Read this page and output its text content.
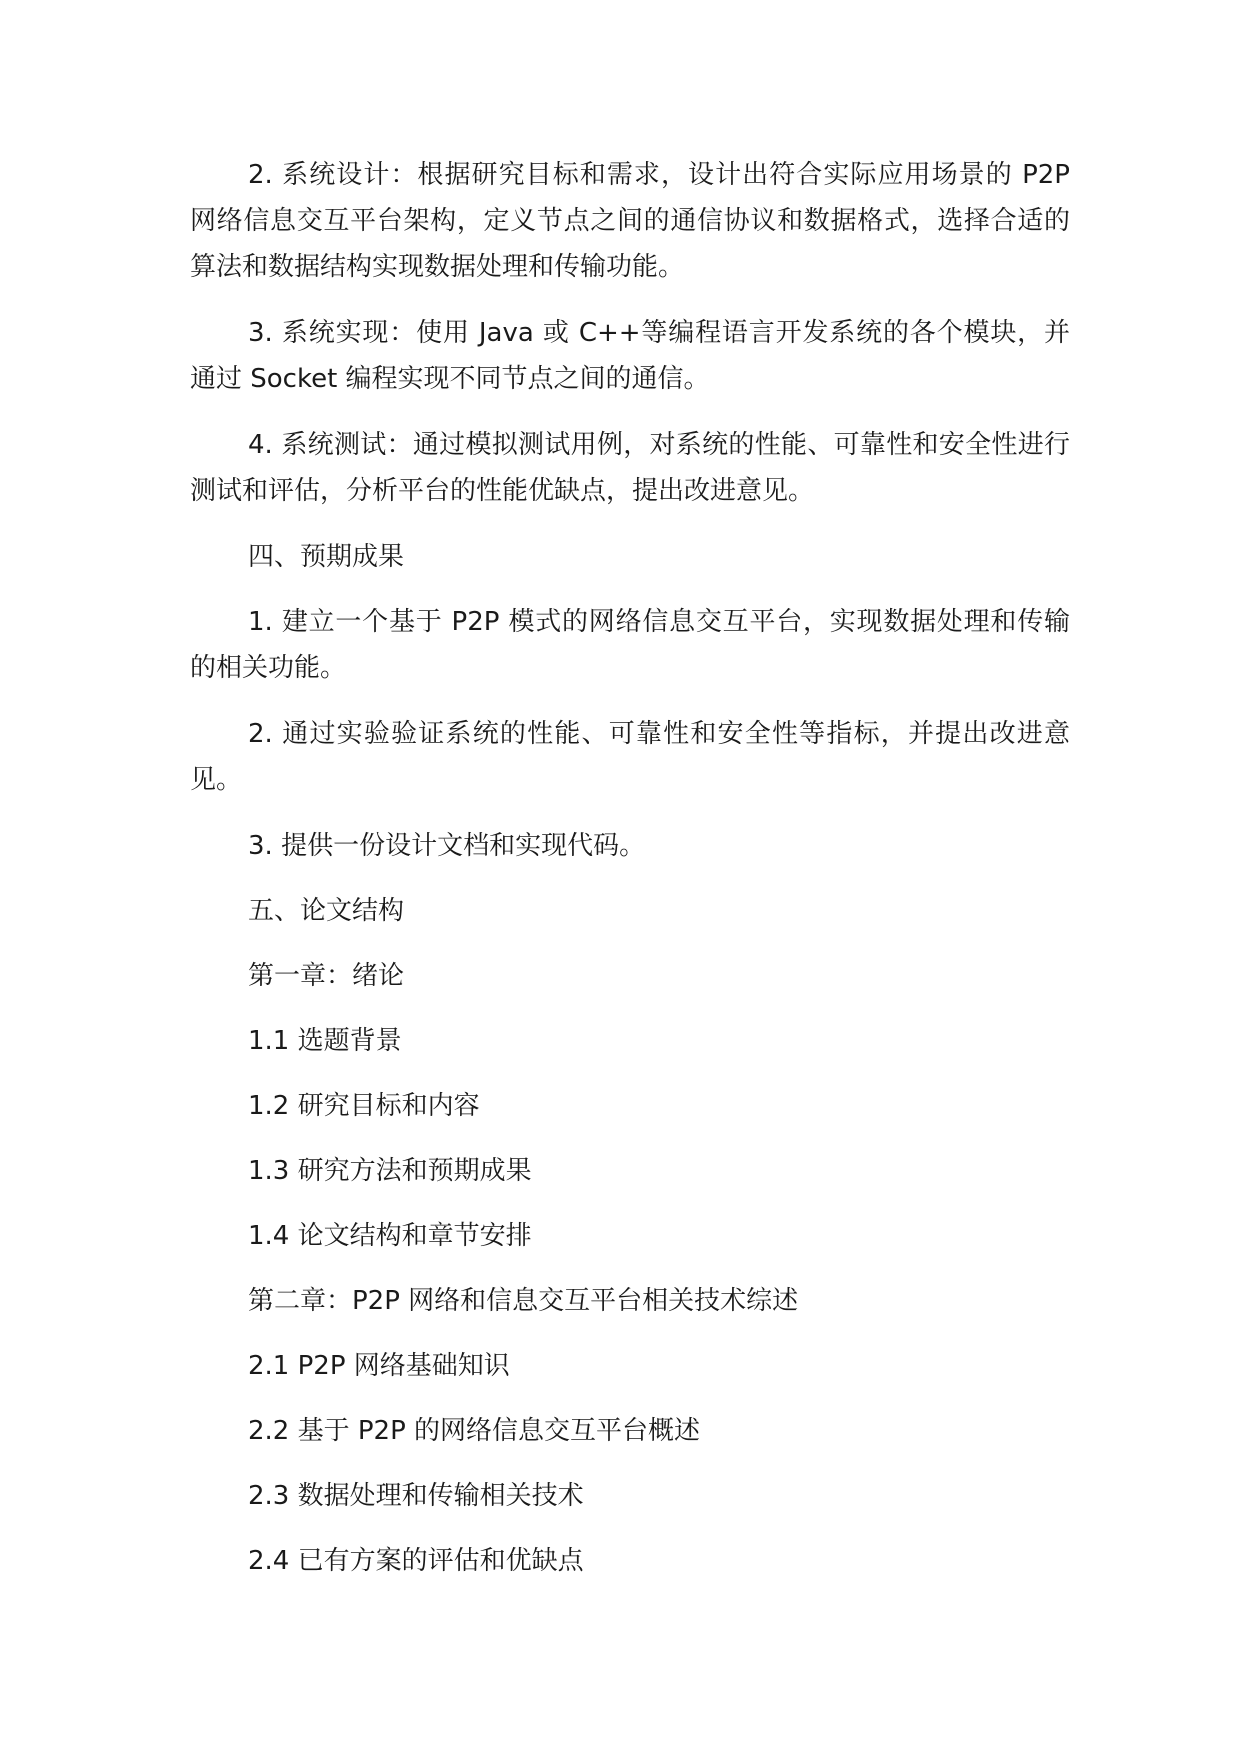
2. 系统设计：根据研究目标和需求，设计出符合实际应用场景的 P2P 网络信息交互平台架构，定义节点之间的通信协议和数据格式，选择合适的算法和数据结构实现数据处理和传输功能。

3. 系统实现：使用 Java 或 C++等编程语言开发系统的各个模块，并通过 Socket 编程实现不同节点之间的通信。

4. 系统测试：通过模拟测试用例，对系统的性能、可靠性和安全性进行测试和评估，分析平台的性能优缺点，提出改进意见。

四、预期成果

1. 建立一个基于 P2P 模式的网络信息交互平台，实现数据处理和传输的相关功能。

2. 通过实验验证系统的性能、可靠性和安全性等指标，并提出改进意见。

3. 提供一份设计文档和实现代码。

五、论文结构

第一章：绪论

1.1 选题背景

1.2 研究目标和内容

1.3 研究方法和预期成果

1.4 论文结构和章节安排

第二章：P2P 网络和信息交互平台相关技术综述

2.1 P2P 网络基础知识

2.2 基于 P2P 的网络信息交互平台概述

2.3 数据处理和传输相关技术

2.4 已有方案的评估和优缺点
